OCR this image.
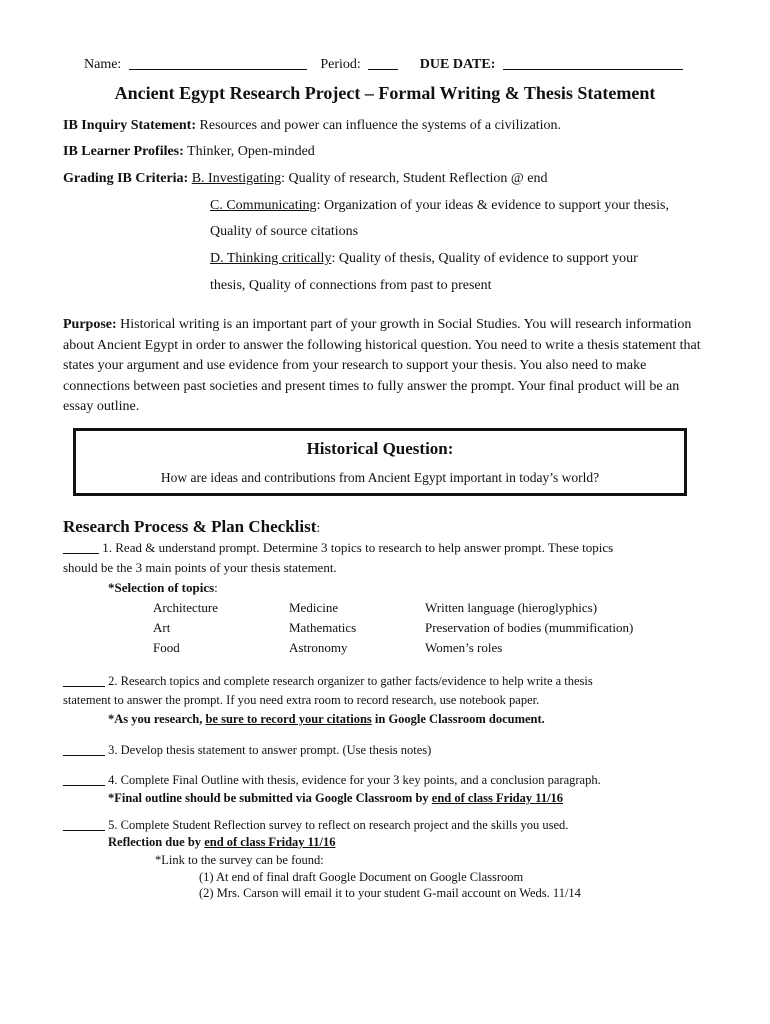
Name:	Period:	DUE DATE:
Ancient Egypt Research Project – Formal Writing & Thesis Statement
IB Inquiry Statement: Resources and power can influence the systems of a civilization.
IB Learner Profiles: Thinker, Open-minded
Grading IB Criteria: B. Investigating: Quality of research, Student Reflection @ end
C. Communicating: Organization of your ideas & evidence to support your thesis,
Quality of source citations
D. Thinking critically: Quality of thesis, Quality of evidence to support your
thesis, Quality of connections from past to present
Purpose: Historical writing is an important part of your growth in Social Studies. You will research information about Ancient Egypt in order to answer the following historical question. You need to write a thesis statement that states your argument and use evidence from your research to support your thesis. You also need to make connections between past societies and present times to fully answer the prompt. Your final product will be an essay outline.
Historical Question:
How are ideas and contributions from Ancient Egypt important in today’s world?
Research Process & Plan Checklist:
1. Read & understand prompt. Determine 3 topics to research to help answer prompt. These topics
should be the 3 main points of your thesis statement.
*Selection of topics:
Architecture
Art
Food
Medicine
Mathematics
Astronomy
Written language (hieroglyphics)
Preservation of bodies (mummification)
Women’s roles
2. Research topics and complete research organizer to gather facts/evidence to help write a thesis
statement to answer the prompt. If you need extra room to record research, use notebook paper.
*As you research, be sure to record your citations in Google Classroom document.
3. Develop thesis statement to answer prompt. (Use thesis notes)
4. Complete Final Outline with thesis, evidence for your 3 key points, and a conclusion paragraph.
*Final outline should be submitted via Google Classroom by end of class Friday 11/16
5. Complete Student Reflection survey to reflect on research project and the skills you used.
Reflection due by end of class Friday 11/16
*Link to the survey can be found:
(1) At end of final draft Google Document on Google Classroom
(2) Mrs. Carson will email it to your student G-mail account on Weds. 11/14
